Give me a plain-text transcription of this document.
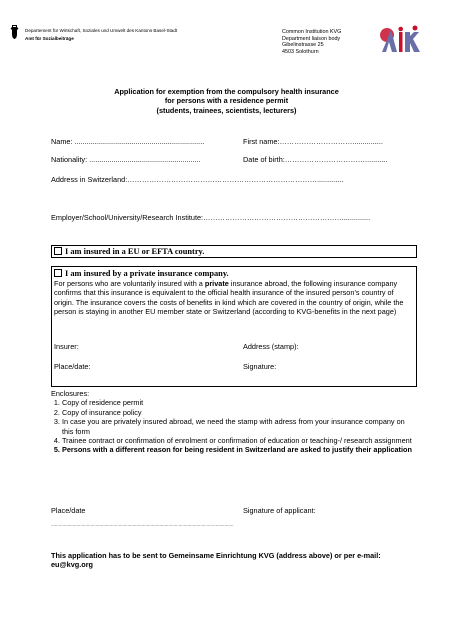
Departement für Wirtschaft, Soziales und Umwelt des Kantons Basel-Stadt
Amt für Sozialbeiträge
Common Institution KVG
Department liaison body
Gibelinstrasse 25
4503 Solothurn
Application for exemption from the compulsory health insurance
for persons with a residence permit
(students, trainees, scientists, lecturers)
Name: ................................................................	First name:…………………………...............
Nationality: .......................................................	Date of birth:……………………………...........
Address in Switzerland:…………………………………………………………………….............
Employer/School/University/Research Institute:…………………………………………………..............
I am insured in a EU or EFTA country.
I am insured by a private insurance company.
For persons who are voluntarily insured with a private insurance abroad, the following insurance company confirms that this insurance is equivalent to the official health insurance of the insured person’s country of origin. The insurance covers the costs of benefits in kind which are covered in the country of origin, while the person is staying in another EU member state or Switzerland (according to KVG-benefits in the next page)
Insurer:	Address (stamp):
Place/date:	Signature:
Enclosures:
1. Copy of residence permit
2. Copy of insurance policy
3. In case you are privately insured abroad, we need the stamp with adress from your insurance company on this form
4. Trainee contract or confirmation of enrolment or confirmation of education or teaching-/ research assignment
5. Persons with a different reason for being resident in Switzerland are asked to justify their application
Place/date	Signature of applicant:
...............................................................................................................................................
This application has to be sent to Gemeinsame Einrichtung KVG (address above) or per e-mail: eu@kvg.org
